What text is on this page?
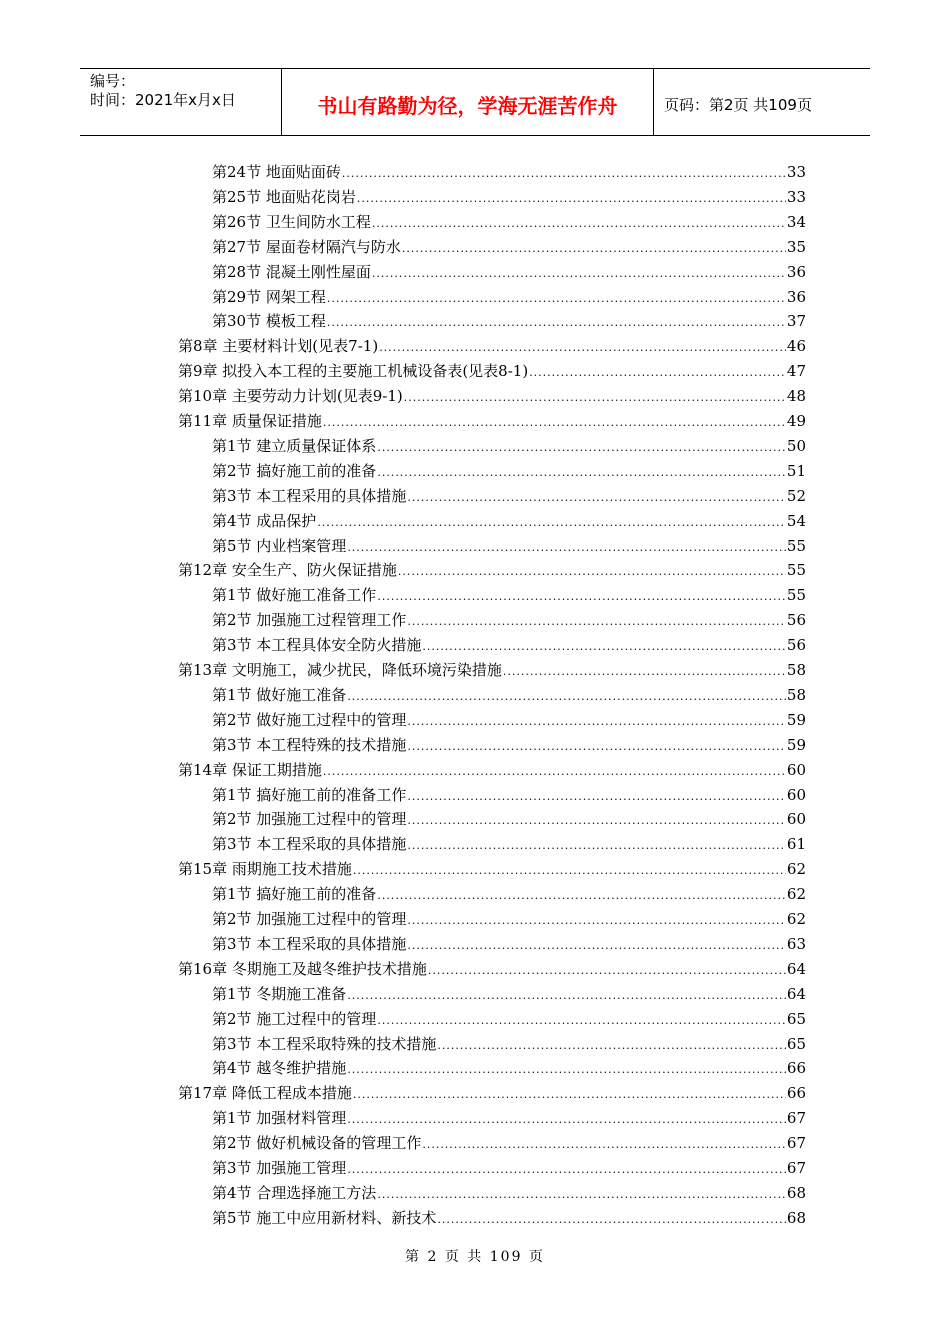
编号：
时间：2021年x月x日	书山有路勤为径，学海无涯苦作舟	页码：第2页 共109页
第24节 地面贴面砖 .....	33
第25节 地面贴花岗岩 .....	33
第26节 卫生间防水工程 .....	34
第27节 屋面卷材隔汽与防水 .....	35
第28节 混凝土刚性屋面 .....	36
第29节 网架工程 .....	36
第30节 模板工程 .....	37
第8章 主要材料计划(见表7-1) .....	46
第9章 拟投入本工程的主要施工机械设备表(见表8-1) .....	47
第10章 主要劳动力计划(见表9-1) .....	48
第11章 质量保证措施 .....	49
第1节 建立质量保证体系 .....	50
第2节 搞好施工前的准备 .....	51
第3节 本工程采用的具体措施 .....	52
第4节 成品保护 .....	54
第5节 内业档案管理 .....	55
第12章 安全生产、防火保证措施 .....	55
第1节 做好施工准备工作 .....	55
第2节 加强施工过程管理工作 .....	56
第3节 本工程具体安全防火措施 .....	56
第13章 文明施工，减少扰民，降低环境污染措施 .....	58
第1节 做好施工准备 .....	58
第2节 做好施工过程中的管理 .....	59
第3节 本工程特殊的技术措施 .....	59
第14章 保证工期措施 .....	60
第1节 搞好施工前的准备工作 .....	60
第2节 加强施工过程中的管理 .....	60
第3节 本工程采取的具体措施 .....	61
第15章 雨期施工技术措施 .....	62
第1节 搞好施工前的准备 .....	62
第2节 加强施工过程中的管理 .....	62
第3节 本工程采取的具体措施 .....	63
第16章 冬期施工及越冬维护技术措施 .....	64
第1节 冬期施工准备 .....	64
第2节 施工过程中的管理 .....	65
第3节 本工程采取特殊的技术措施 .....	65
第4节 越冬维护措施 .....	66
第17章 降低工程成本措施 .....	66
第1节 加强材料管理 .....	67
第2节 做好机械设备的管理工作 .....	67
第3节 加强施工管理 .....	67
第4节 合理选择施工方法 .....	68
第5节 施工中应用新材料、新技术 .....	68
第 2 页 共 109 页
